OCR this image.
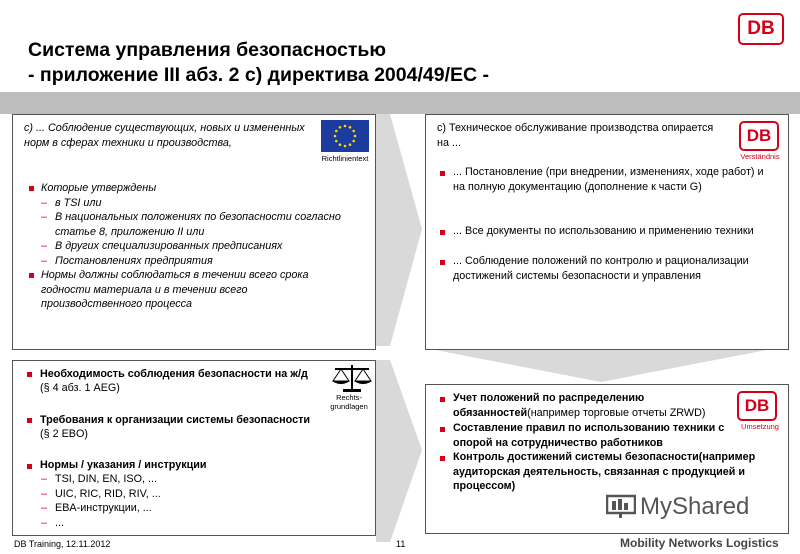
Система управления безопасностью
- приложение III абз. 2 c) директива 2004/49/EC -
DB
c) ... Соблюдение существующих, новых и измененных норм в сферах техники и производства,
Richtlinientext
Которые утверждены
– в TSI или
– В национальных положениях по безопасности согласно статье 8, приложению II или
– В других специализированных предписаниях
– Постановлениях предприятия
Нормы должны соблюдаться в течении всего срока годности материала и в течении всего производственного процесса
c) Техническое обслуживание производства опирается на ...	DB
Verständnis
... Постановление (при внедрении, изменениях, ходе работ) и на полную документацию (дополнение к части G)
... Все документы по использованию и применению техники
... Соблюдение положений по контролю и рационализации достижений системы безопасности и управления
Необходимость соблюдения безопасности на ж/д
(§ 4 абз. 1 AEG)
Требования к организации системы безопасности
(§ 2 EBO)
Нормы / указания / инструкции
– TSI, DIN, EN, ISO, ...
– UIC, RIC, RID, RIV, ...
– EBA-инструкции, ...
– ...
Rechts-grundlagen
Учет положений по распределению обязанностей(например торговые отчеты ZRWD)
Составление правил по использованию техники с опорой на сотрудничество работников
Контроль достижений системы безопасности(например аудиторская деятельность, связанная с продукцией и процессом)
DB
Umsetzung
MyShared
DB Training, 12.11.2012	11	Mobility Networks Logistics
